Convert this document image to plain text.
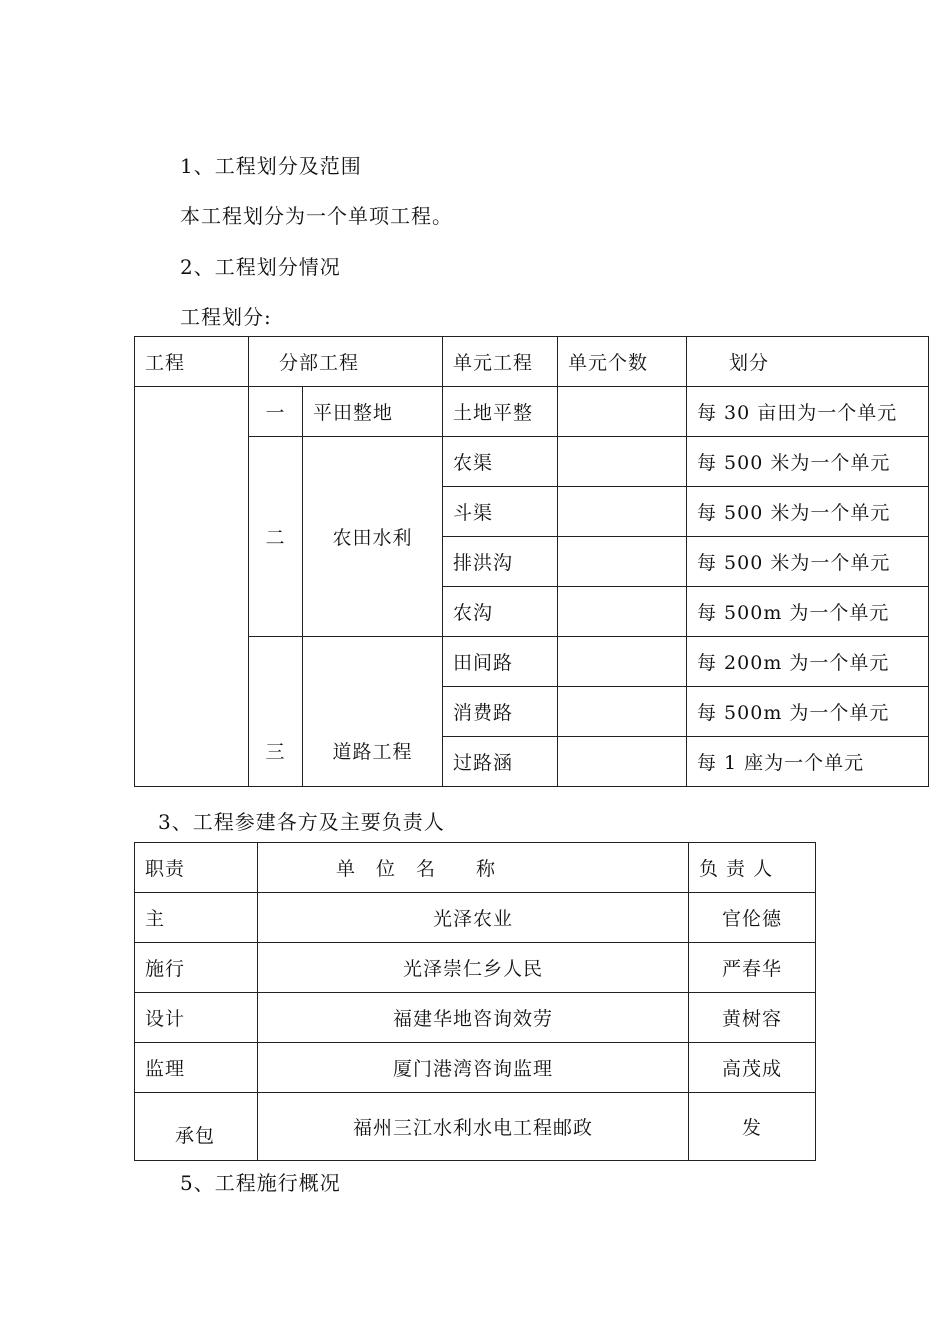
1、工程划分及范围
本工程划分为一个单项工程。
2、工程划分情况
工程划分:
工程	分部工程		单元工程	单元个数	划分
	一	平田整地	土地平整		每 30 亩田为一个单元
	二	农田水利	农渠		每 500 米为一个单元
			斗渠		每 500 米为一个单元
			排洪沟		每 500 米为一个单元
			农沟		每 500m 为一个单元
	三	道路工程	田间路		每 200m 为一个单元
			消费路		每 500m 为一个单元
			过路涵		每 1 座为一个单元
3、工程参建各方及主要负责人
职责	单　位　名　　称	负 责 人
主	光泽农业	官伦德
施行	光泽崇仁乡人民	严春华
设计	福建华地咨询效劳	黄树容
监理	厦门港湾咨询监理	高茂成
承包	福州三江水利水电工程邮政	发
5、工程施行概况
